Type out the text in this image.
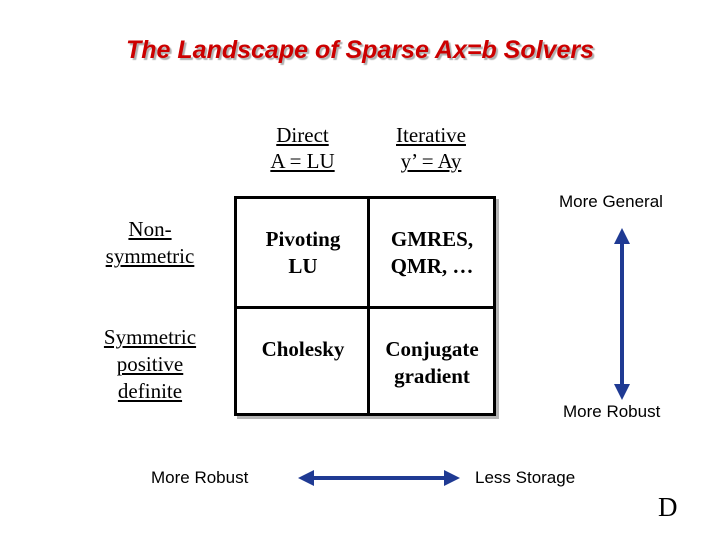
The Landscape of Sparse Ax=b Solvers
Direct
A = LU
Iterative
y’ = Ay
Non-
symmetric
Symmetric
positive
definite
Pivoting
LU
GMRES,
QMR, …
Cholesky	Conjugate
gradient
More General
More Robust
More Robust	Less Storage
D
